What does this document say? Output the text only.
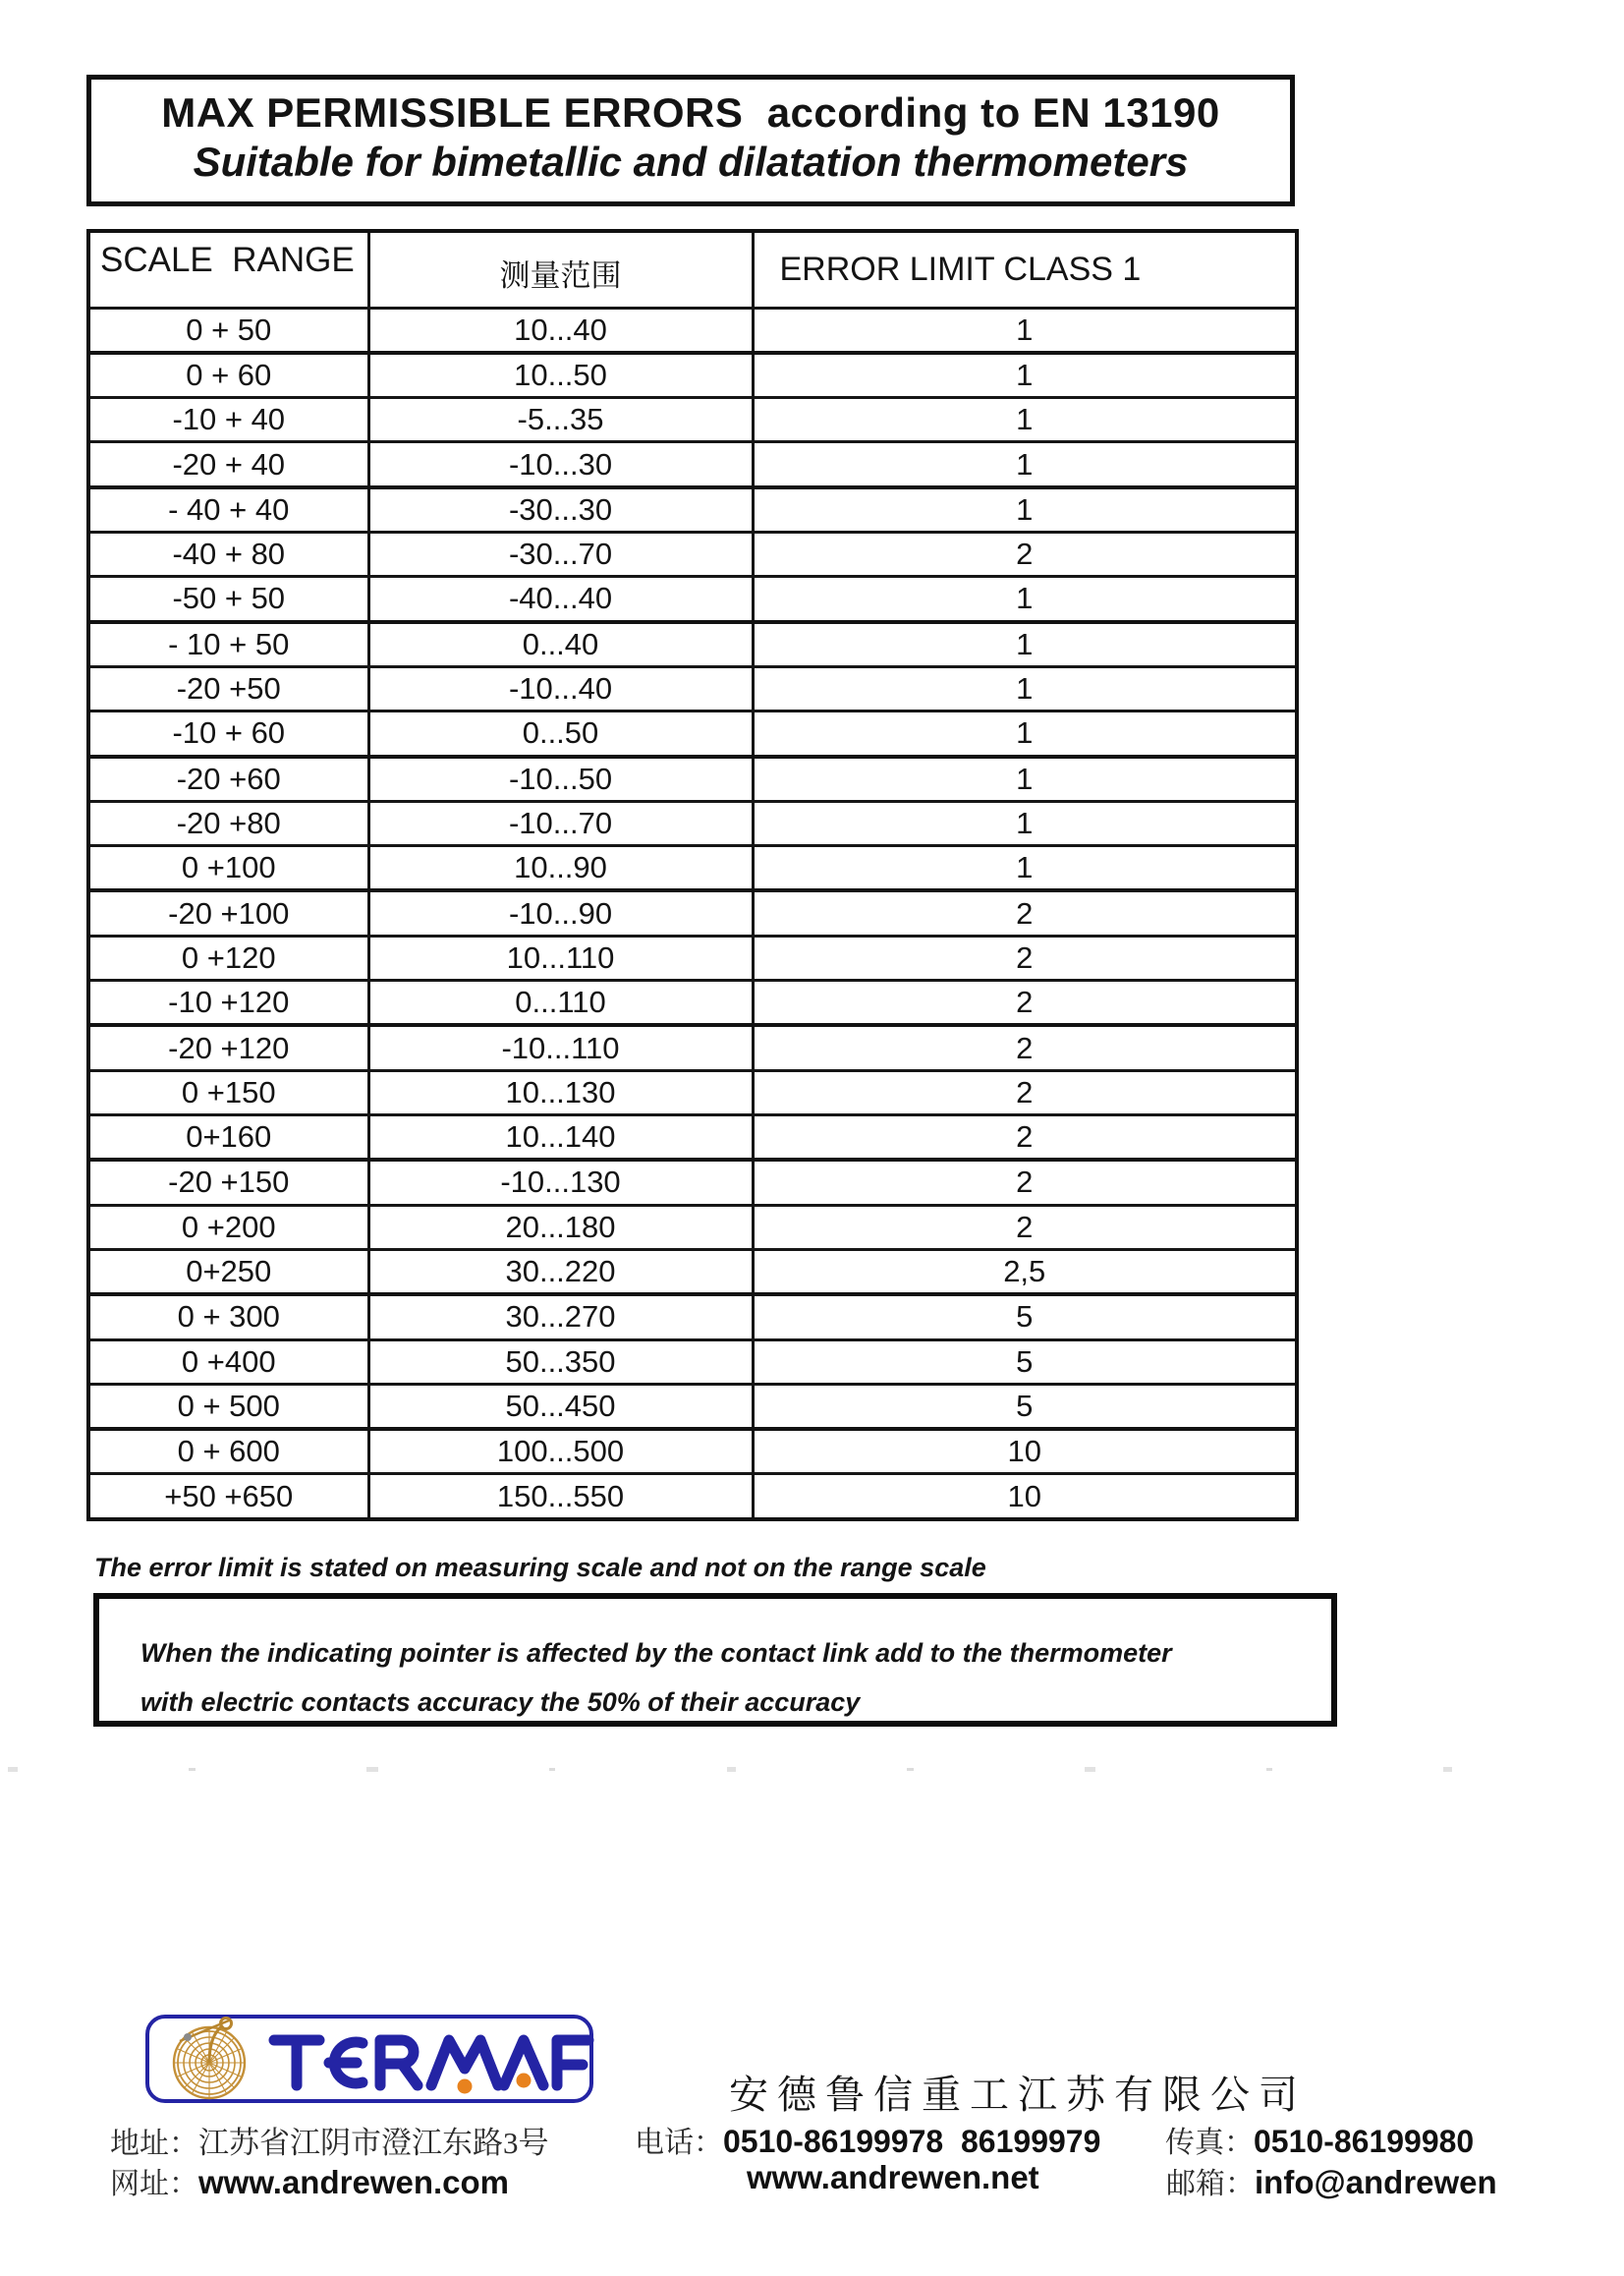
MAX PERMISSIBLE ERRORS  according to EN 13190
Suitable for bimetallic and dilatation thermometers
SCALE  RANGE	测量范围	ERROR LIMIT CLASS 1
0 + 50	10...40	1
0 + 60	10...50	1
-10 + 40	-5...35	1
-20 + 40	-10...30	1
- 40 + 40	-30...30	1
-40 + 80	-30...70	2
-50 + 50	-40...40	1
- 10 + 50	0...40	1
-20 +50	-10...40	1
-10 + 60	0...50	1
-20 +60	-10...50	1
-20 +80	-10...70	1
0 +100	10...90	1
-20 +100	-10...90	2
0 +120	10...110	2
-10 +120	0...110	2
-20 +120	-10...110	2
0 +150	10...130	2
0+160	10...140	2
-20 +150	-10...130	2
0 +200	20...180	2
0+250	30...220	2,5
0 + 300	30...270	5
0 +400	50...350	5
0 + 500	50...450	5
0 + 600	100...500	10
+50 +650	150...550	10

The error limit is stated on measuring scale and not on the range scale

When the indicating pointer is affected by the contact link add to the thermometer
with electric contacts accuracy the 50% of their accuracy
安德鲁信重工江苏有限公司
地址： 江苏省江阴市澄江东路3号	电话： 0510-86199978  86199979 传真： 0510-86199980
网址： www.andrewen.com	www.andrewen.net	邮箱： info@andrewen
